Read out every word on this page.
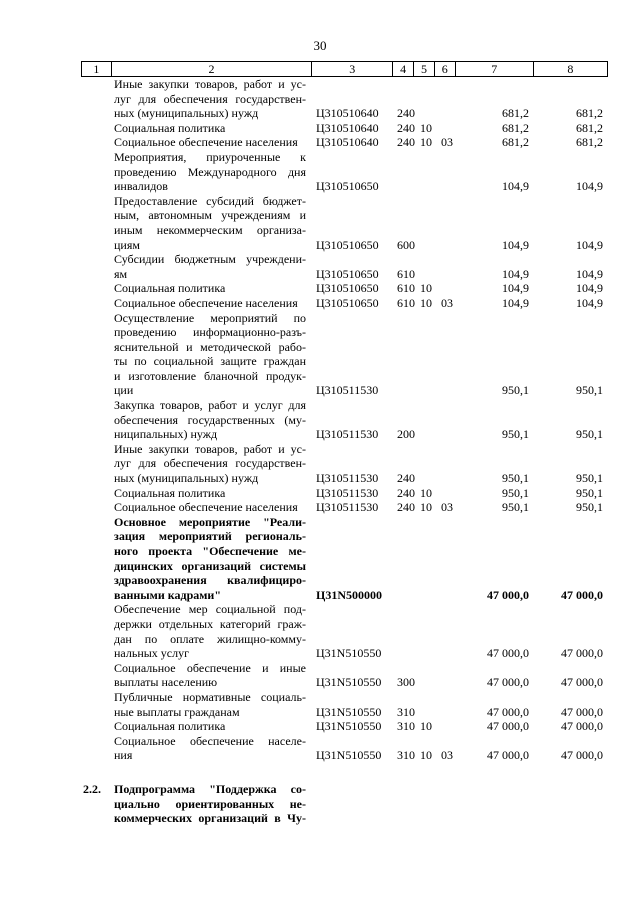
30
1	2	3	4	5	6	7	8
Иные закупки товаров, работ и ус-
луг для обеспечения государствен-
ных (муниципальных) нужд	Ц310510640 240	681,2	681,2
Социальная политика	Ц310510640 240 10	681,2	681,2
Социальное обеспечение населения	Ц310510640 240 10 03	681,2	681,2
Мероприятия, приуроченные к
проведению Международного дня
инвалидов	Ц310510650	104,9	104,9
Предоставление субсидий бюджет-
ным, автономным учреждениям и
иным некоммерческим организа-
циям	Ц310510650 600	104,9	104,9
Субсидии бюджетным учреждени-
ям	Ц310510650 610	104,9	104,9
Социальная политика	Ц310510650 610 10	104,9	104,9
Социальное обеспечение населения	Ц310510650 610 10 03	104,9	104,9
Осуществление мероприятий по
проведению информационно-разъ-
яснительной и методической рабо-
ты по социальной защите граждан
и изготовление бланочной продук-
ции	Ц310511530	950,1	950,1
Закупка товаров, работ и услуг для
обеспечения государственных (му-
ниципальных) нужд	Ц310511530 200	950,1	950,1
Иные закупки товаров, работ и ус-
луг для обеспечения государствен-
ных (муниципальных) нужд	Ц310511530 240	950,1	950,1
Социальная политика	Ц310511530 240 10	950,1	950,1
Социальное обеспечение населения	Ц310511530 240 10 03	950,1	950,1
Основное мероприятие "Реали-
зация мероприятий региональ-
ного проекта "Обеспечение ме-
дицинских организаций системы
здравоохранения квалифициро-
ванными кадрами"	Ц31N500000	47 000,0	47 000,0
Обеспечение мер социальной под-
держки отдельных категорий граж-
дан по оплате жилищно-комму-
нальных услуг	Ц31N510550	47 000,0	47 000,0
Социальное обеспечение и иные
выплаты населению	Ц31N510550 300	47 000,0	47 000,0
Публичные нормативные социаль-
ные выплаты гражданам	Ц31N510550 310	47 000,0	47 000,0
Социальная политика	Ц31N510550 310 10	47 000,0	47 000,0
Социальное обеспечение населе-
ния	Ц31N510550 310 10 03	47 000,0	47 000,0
2.2. Подпрограмма "Поддержка со-
циально ориентированных не-
коммерческих организаций в Чу-
